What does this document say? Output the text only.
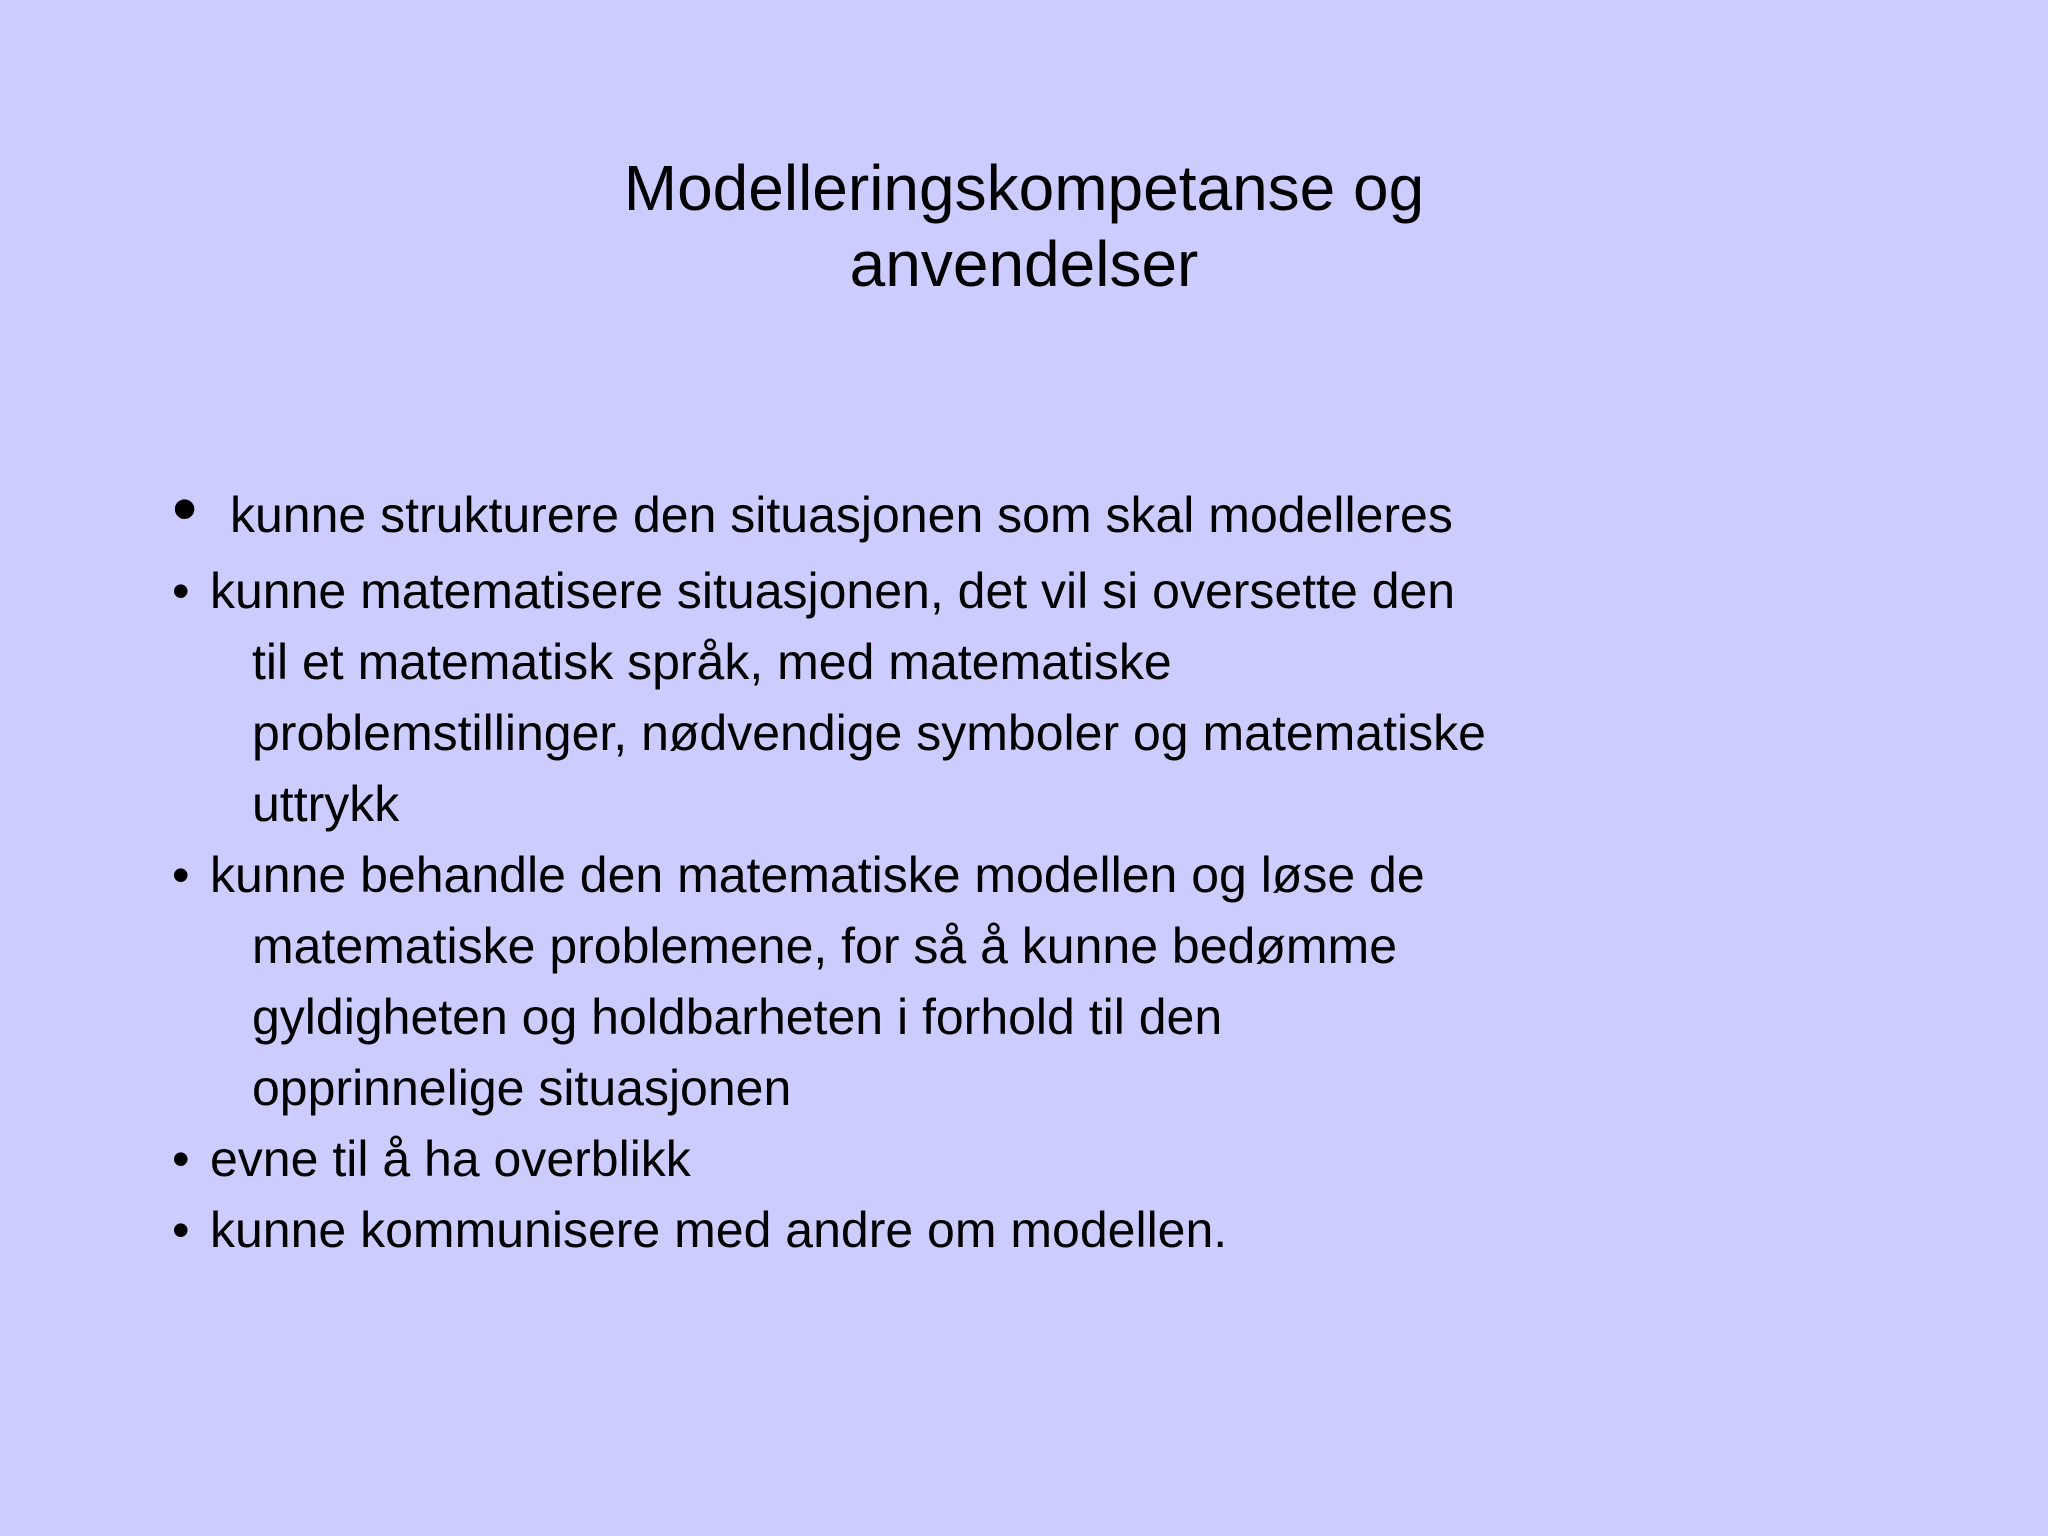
Modelleringskompetanse og
anvendelser
• kunne strukturere den situasjonen som skal modelleres
• kunne matematisere situasjonen, det vil si oversette den
til et matematisk språk, med matematiske
problemstillinger, nødvendige symboler og matematiske
uttrykk
• kunne behandle den matematiske modellen og løse de
matematiske problemene, for så å kunne bedømme
gyldigheten og holdbarheten i forhold til den
opprinnelige situasjonen
• evne til å ha overblikk
• kunne kommunisere med andre om modellen.
